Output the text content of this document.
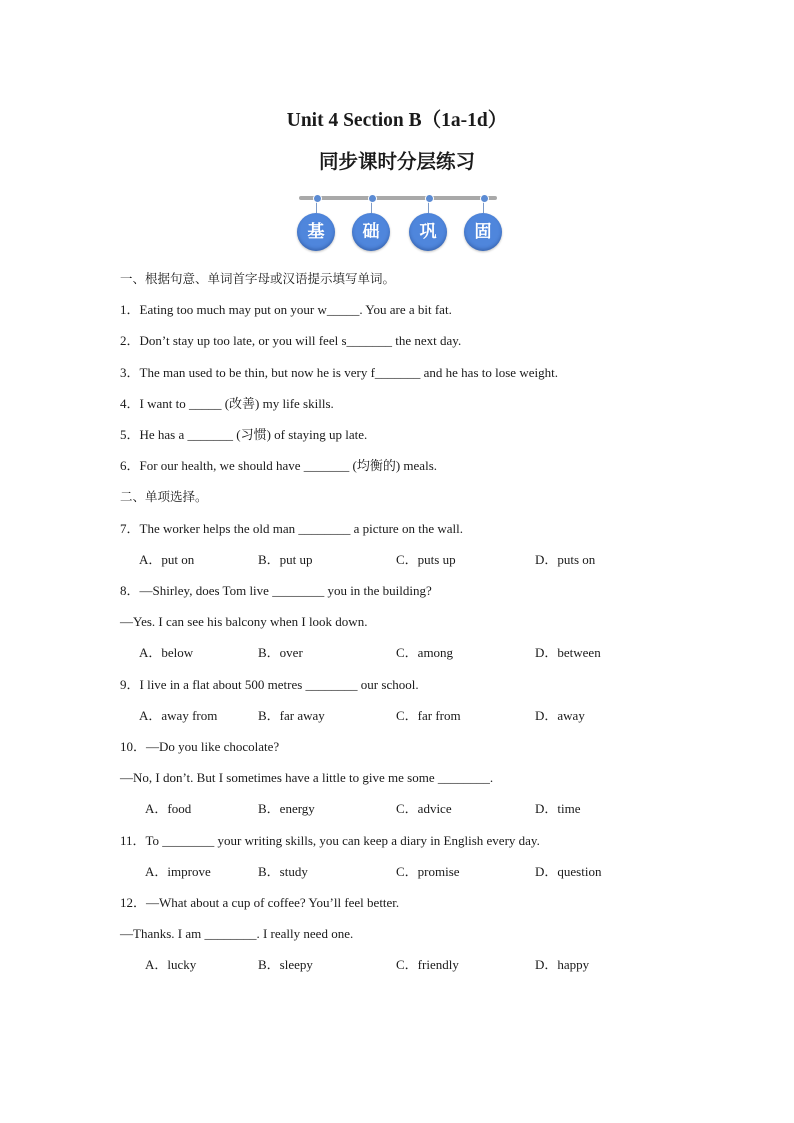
Unit 4 Section B（1a-1d）
同步课时分层练习
基	础	巩	固
一、根据句意、单词首字母或汉语提示填写单词。
1．Eating too much may put on your w_____. You are a bit fat.
2．Don’t stay up too late, or you will feel s_______ the next day.
3．The man used to be thin, but now he is very f_______ and he has to lose weight.
4．I want to _____ (改善) my life skills.
5．He has a _______ (习惯) of staying up late.
6．For our health, we should have _______ (均衡的) meals.
二、单项选择。
7．The worker helps the old man ________ a picture on the wall.
A．put on	B．put up	C．puts up	D．puts on
8．—Shirley, does Tom live ________ you in the building?
—Yes. I can see his balcony when I look down.
A．below	B．over	C．among	D．between
9．I live in a flat about 500 metres ________ our school.
A．away from	B．far away	C．far from	D．away
10．—Do you like chocolate?
—No, I don’t. But I sometimes have a little to give me some ________.
A．food	B．energy	C．advice	D．time
11．To ________ your writing skills, you can keep a diary in English every day.
A．improve	B．study	C．promise	D．question
12．—What about a cup of coffee? You’ll feel better.
—Thanks. I am ________. I really need one.
A．lucky	B．sleepy	C．friendly	D．happy
